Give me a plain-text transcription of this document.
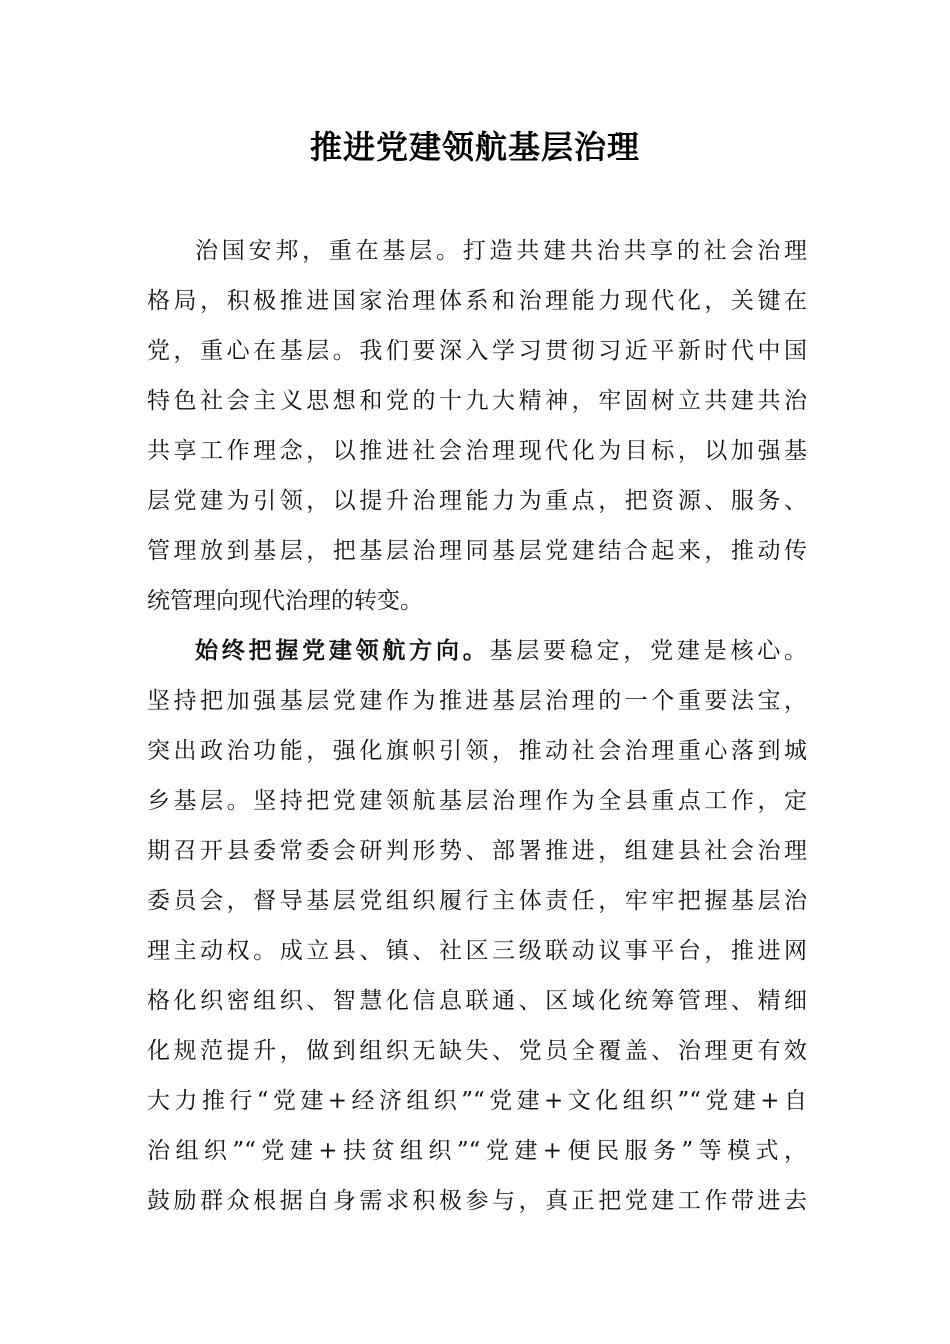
推进党建领航基层治理
治国安邦，重在基层。打造共建共治共享的社会治理
格局，积极推进国家治理体系和治理能力现代化，关键在
党，重心在基层。我们要深入学习贯彻习近平新时代中国
特色社会主义思想和党的十九大精神，牢固树立共建共治
共享工作理念，以推进社会治理现代化为目标，以加强基
层党建为引领，以提升治理能力为重点，把资源、服务、
管理放到基层，把基层治理同基层党建结合起来，推动传
统管理向现代治理的转变。
始终把握党建领航方向。基层要稳定，党建是核心。
坚持把加强基层党建作为推进基层治理的一个重要法宝，
突出政治功能，强化旗帜引领，推动社会治理重心落到城
乡基层。坚持把党建领航基层治理作为全县重点工作，定
期召开县委常委会研判形势、部署推进，组建县社会治理
委员会，督导基层党组织履行主体责任，牢牢把握基层治
理主动权。成立县、镇、社区三级联动议事平台，推进网
格化织密组织、智慧化信息联通、区域化统筹管理、精细
化规范提升，做到组织无缺失、党员全覆盖、治理更有效
大力推行“党建+经济组织”“党建+文化组织”“党建+自
治组织”“党建+扶贫组织”“党建+便民服务”等模式，
鼓励群众根据自身需求积极参与，真正把党建工作带进去
